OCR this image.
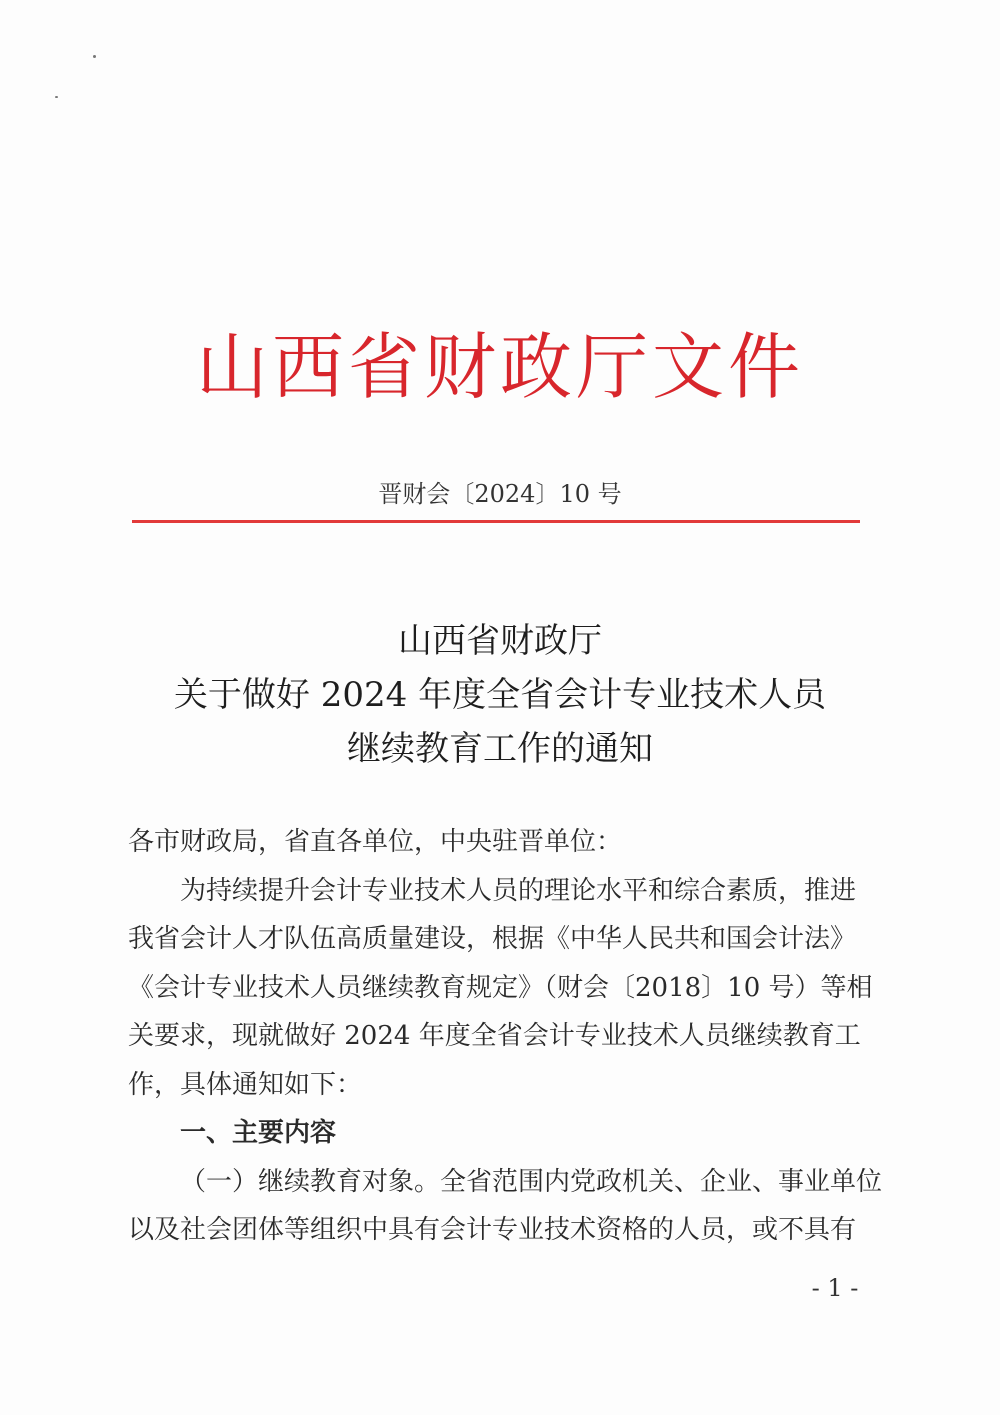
山西省财政厅文件
晋财会〔2024〕10 号
山西省财政厅
关于做好 2024 年度全省会计专业技术人员
继续教育工作的通知
各市财政局，省直各单位，中央驻晋单位：
为持续提升会计专业技术人员的理论水平和综合素质，推进
我省会计人才队伍高质量建设，根据《中华人民共和国会计法》
《会计专业技术人员继续教育规定》（财会〔2018〕10 号）等相
关要求，现就做好 2024 年度全省会计专业技术人员继续教育工
作，具体通知如下：
一、主要内容
（一）继续教育对象。全省范围内党政机关、企业、事业单位
以及社会团体等组织中具有会计专业技术资格的人员，或不具有
- 1 -
